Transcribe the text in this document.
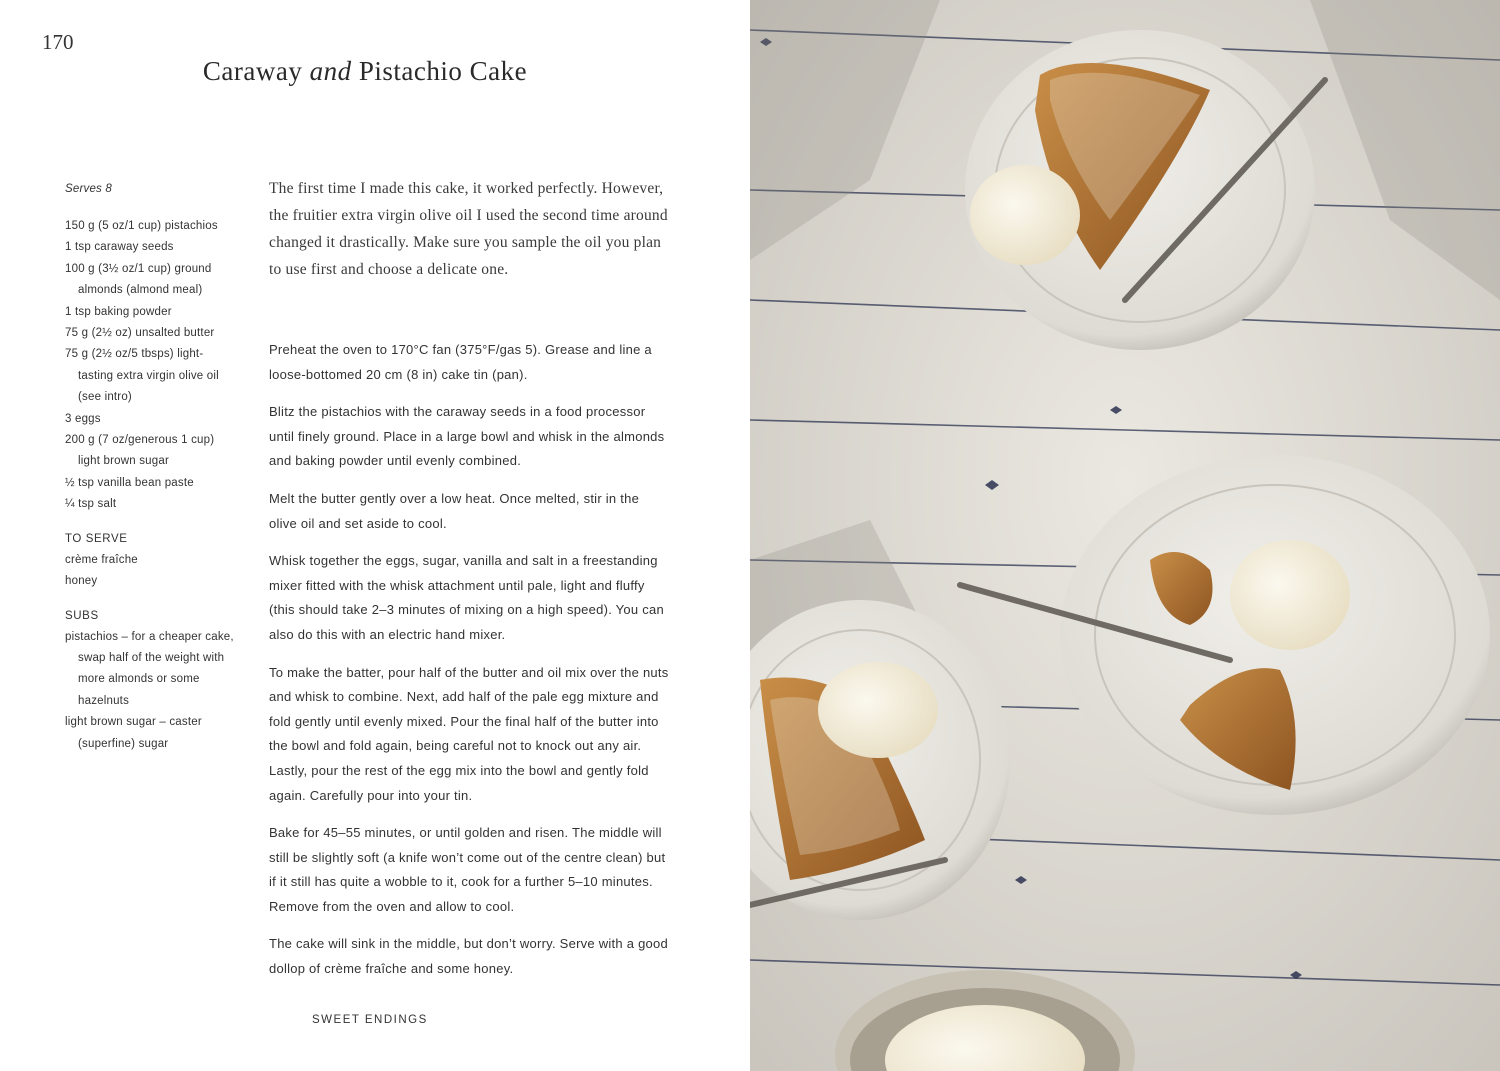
170
Caraway and Pistachio Cake
Serves 8
150 g (5 oz/1 cup) pistachios
1 tsp caraway seeds
100 g (3½ oz/1 cup) ground almonds (almond meal)
1 tsp baking powder
75 g (2½ oz) unsalted butter
75 g (2½ oz/5 tbsps) light-tasting extra virgin olive oil (see intro)
3 eggs
200 g (7 oz/generous 1 cup) light brown sugar
½ tsp vanilla bean paste
¼ tsp salt
TO SERVE
crème fraîche
honey
SUBS
pistachios – for a cheaper cake, swap half of the weight with more almonds or some hazelnuts
light brown sugar – caster (superfine) sugar
The first time I made this cake, it worked perfectly. However, the fruitier extra virgin olive oil I used the second time around changed it drastically. Make sure you sample the oil you plan to use first and choose a delicate one.

Preheat the oven to 170°C fan (375°F/gas 5). Grease and line a loose-bottomed 20 cm (8 in) cake tin (pan).

Blitz the pistachios with the caraway seeds in a food processor until finely ground. Place in a large bowl and whisk in the almonds and baking powder until evenly combined.

Melt the butter gently over a low heat. Once melted, stir in the olive oil and set aside to cool.

Whisk together the eggs, sugar, vanilla and salt in a freestanding mixer fitted with the whisk attachment until pale, light and fluffy (this should take 2–3 minutes of mixing on a high speed). You can also do this with an electric hand mixer.

To make the batter, pour half of the butter and oil mix over the nuts and whisk to combine. Next, add half of the pale egg mixture and fold gently until evenly mixed. Pour the final half of the butter into the bowl and fold again, being careful not to knock out any air. Lastly, pour the rest of the egg mix into the bowl and gently fold again. Carefully pour into your tin.

Bake for 45–55 minutes, or until golden and risen. The middle will still be slightly soft (a knife won’t come out of the centre clean) but if it still has quite a wobble to it, cook for a further 5–10 minutes. Remove from the oven and allow to cool.

The cake will sink in the middle, but don’t worry. Serve with a good dollop of crème fraîche and some honey.

SWEET ENDINGS
